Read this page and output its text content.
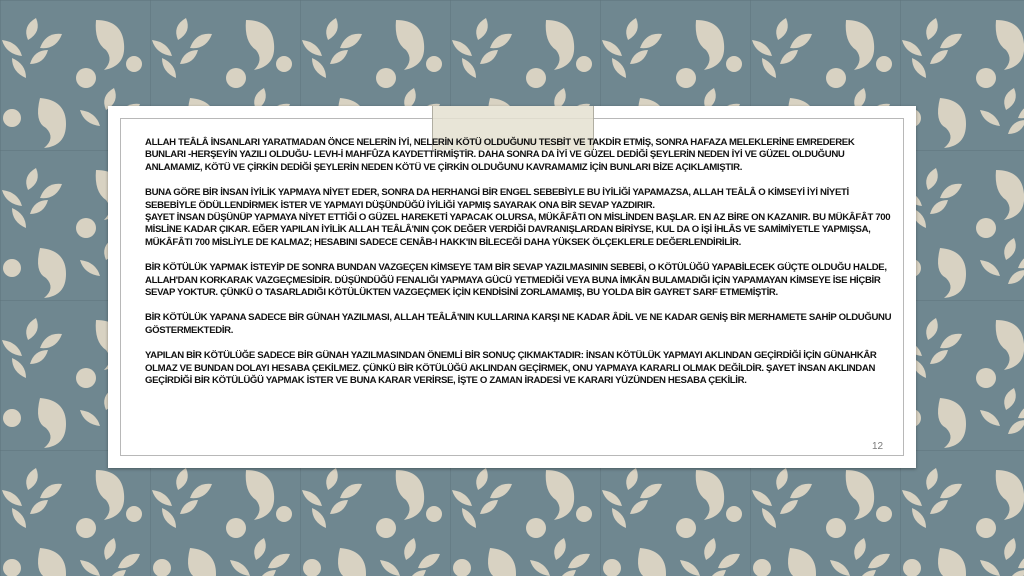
ALLAH TEÂLÂ İNSANLARI YARATMADAN ÖNCE NELERİN İYİ, NELERİN KÖTÜ OLDUĞUNU TESBİT VE TAKDİR ETMİŞ, SONRA HAFAZA MELEKLERİNE EMREDEREK BUNLARI -HERŞEYİN YAZILI OLDUĞU- LEVH-İ MAHFÛZA KAYDETTİRMİŞTİR. DAHA SONRA DA İYİ VE GÜZEL DEDİĞİ ŞEYLERİN NEDEN İYİ VE GÜZEL OLDUĞUNU ANLAMAMIZ, KÖTÜ VE ÇİRKİN DEDİĞİ ŞEYLERİN NEDEN KÖTÜ VE ÇİRKİN OLDUĞUNU KAVRAMAMIZ İÇİN BUNLARI BİZE AÇIKLAMIŞTIR.

BUNA GÖRE BİR İNSAN İYİLİK YAPMAYA NİYET EDER, SONRA DA HERHANGİ BİR ENGEL SEBEBİYLE BU İYİLİĞİ YAPAMAZSA, ALLAH TEÂLÂ O KİMSEYİ İYİ NİYETİ SEBEBİYLE ÖDÜLLENDİRMEK İSTER VE YAPMAYI DÜŞÜNDÜĞÜ İYİLİĞİ YAPMIŞ SAYARAK ONA BİR SEVAP YAZDIRIR.
ŞAYET İNSAN DÜŞÜNÜP YAPMAYA NİYET ETTİĞİ O GÜZEL HAREKETİ YAPACAK OLURSA, MÜKÂFÂTI ON MİSLİNDEN BAŞLAR. EN AZ BİRE ON KAZANIR. BU MÜKÂFÂT 700 MİSLİNE KADAR ÇIKAR. EĞER YAPILAN İYİLİK ALLAH TEÂLÂ'NIN ÇOK DEĞER VERDİĞİ DAVRANIŞLARDAN BİRİYSE, KUL DA O İŞİ İHLÂS VE SAMİMİYETLE YAPMIŞSA, MÜKÂFÂTI 700 MİSLİYLE DE KALMAZ; HESABINI SADECE CENÂB-I HAKK'IN BİLECEĞİ DAHA YÜKSEK ÖLÇEKLERLE DEĞERLENDİRİLİR.

BİR KÖTÜLÜK YAPMAK İSTEYİP DE SONRA BUNDAN VAZGEÇEN KİMSEYE TAM BİR SEVAP YAZILMASININ SEBEBİ, O KÖTÜLÜĞÜ YAPABİLECEK GÜÇTE OLDUĞU HALDE, ALLAH'DAN KORKARAK VAZGEÇMESİDİR. DÜŞÜNDÜĞÜ FENALIĞI YAPMAYA GÜCÜ YETMEDİĞİ VEYA BUNA İMKÂN BULAMADIĞI İÇİN YAPAMAYAN KİMSEYE İSE HİÇBİR SEVAP YOKTUR. ÇÜNKÜ O TASARLADIĞI KÖTÜLÜKTEN VAZGEÇMEK İÇİN KENDİSİNİ ZORLAMAMIŞ, BU YOLDA BİR GAYRET SARF ETMEMİŞTİR.

BİR KÖTÜLÜK YAPANA SADECE BİR GÜNAH YAZILMASI, ALLAH TEÂLÂ'NIN KULLARINA KARŞI NE KADAR ÂDİL VE NE KADAR GENİŞ BİR MERHAMETE SAHİP OLDUĞUNU GÖSTERMEKTEDİR.

YAPILAN BİR KÖTÜLÜĞE SADECE BİR GÜNAH YAZILMASINDAN ÖNEMLİ BİR SONUÇ ÇIKMAKTADIR: İNSAN KÖTÜLÜK YAPMAYI AKLINDAN GEÇİRDİĞİ İÇİN GÜNAHKÂR OLMAZ VE BUNDAN DOLAYI HESABA ÇEKİLMEZ. ÇÜNKÜ BİR KÖTÜLÜĞÜ AKLINDAN GEÇİRMEK, ONU YAPMAYA KARARLI OLMAK DEĞİLDİR. ŞAYET İNSAN AKLINDAN GEÇİRDİĞİ BİR KÖTÜLÜĞÜ YAPMAK İSTER VE BUNA KARAR VERİRSE, İŞTE O ZAMAN İRADESİ VE KARARI YÜZÜNDEN HESABA ÇEKİLİR.

12
